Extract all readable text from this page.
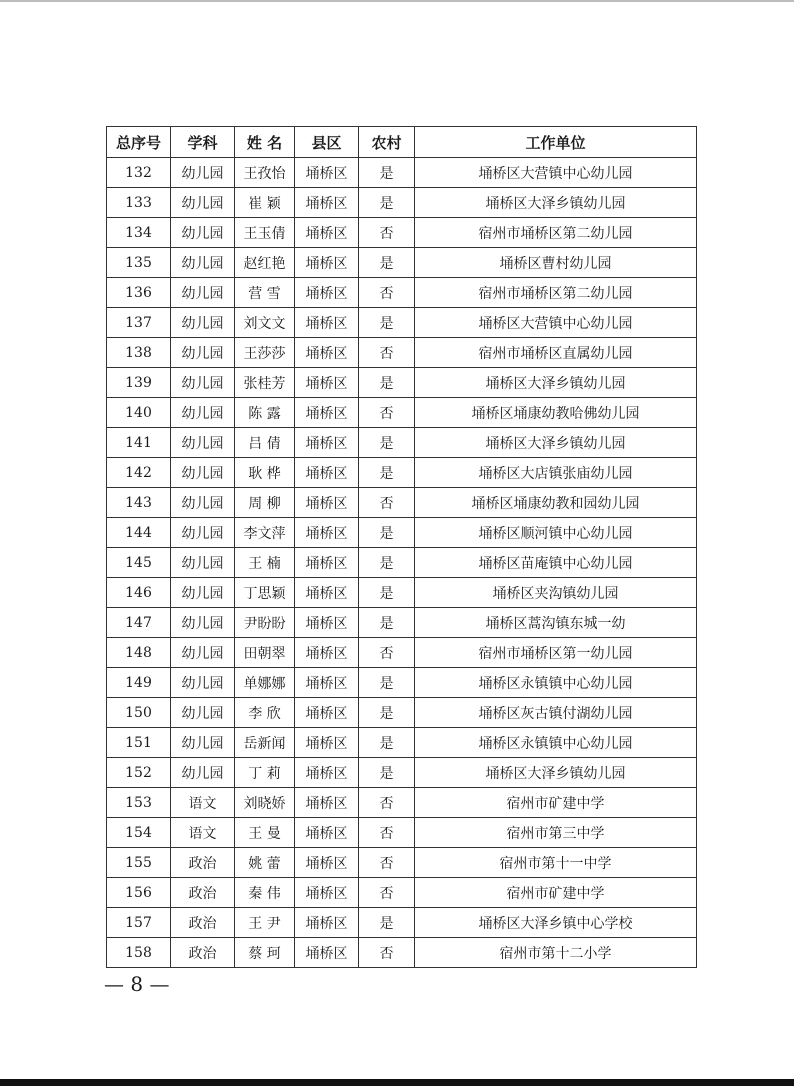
总序号	学科	姓 名	县区	农村	工作单位
132	幼儿园	王孜怡	埇桥区	是	埇桥区大营镇中心幼儿园
133	幼儿园	崔 颖	埇桥区	是	埇桥区大泽乡镇幼儿园
134	幼儿园	王玉倩	埇桥区	否	宿州市埇桥区第二幼儿园
135	幼儿园	赵红艳	埇桥区	是	埇桥区曹村幼儿园
136	幼儿园	营 雪	埇桥区	否	宿州市埇桥区第二幼儿园
137	幼儿园	刘文文	埇桥区	是	埇桥区大营镇中心幼儿园
138	幼儿园	王莎莎	埇桥区	否	宿州市埇桥区直属幼儿园
139	幼儿园	张桂芳	埇桥区	是	埇桥区大泽乡镇幼儿园
140	幼儿园	陈 露	埇桥区	否	埇桥区埇康幼教哈佛幼儿园
141	幼儿园	吕 倩	埇桥区	是	埇桥区大泽乡镇幼儿园
142	幼儿园	耿 桦	埇桥区	是	埇桥区大店镇张庙幼儿园
143	幼儿园	周 柳	埇桥区	否	埇桥区埇康幼教和园幼儿园
144	幼儿园	李文萍	埇桥区	是	埇桥区顺河镇中心幼儿园
145	幼儿园	王 楠	埇桥区	是	埇桥区苗庵镇中心幼儿园
146	幼儿园	丁思颖	埇桥区	是	埇桥区夹沟镇幼儿园
147	幼儿园	尹盼盼	埇桥区	是	埇桥区蒿沟镇东城一幼
148	幼儿园	田朝翠	埇桥区	否	宿州市埇桥区第一幼儿园
149	幼儿园	单娜娜	埇桥区	是	埇桥区永镇镇中心幼儿园
150	幼儿园	李 欣	埇桥区	是	埇桥区灰古镇付湖幼儿园
151	幼儿园	岳新闻	埇桥区	是	埇桥区永镇镇中心幼儿园
152	幼儿园	丁 莉	埇桥区	是	埇桥区大泽乡镇幼儿园
153	语文	刘晓娇	埇桥区	否	宿州市矿建中学
154	语文	王 曼	埇桥区	否	宿州市第三中学
155	政治	姚 蕾	埇桥区	否	宿州市第十一中学
156	政治	秦 伟	埇桥区	否	宿州市矿建中学
157	政治	王 尹	埇桥区	是	埇桥区大泽乡镇中心学校
158	政治	蔡 珂	埇桥区	否	宿州市第十二小学
— 8 —
